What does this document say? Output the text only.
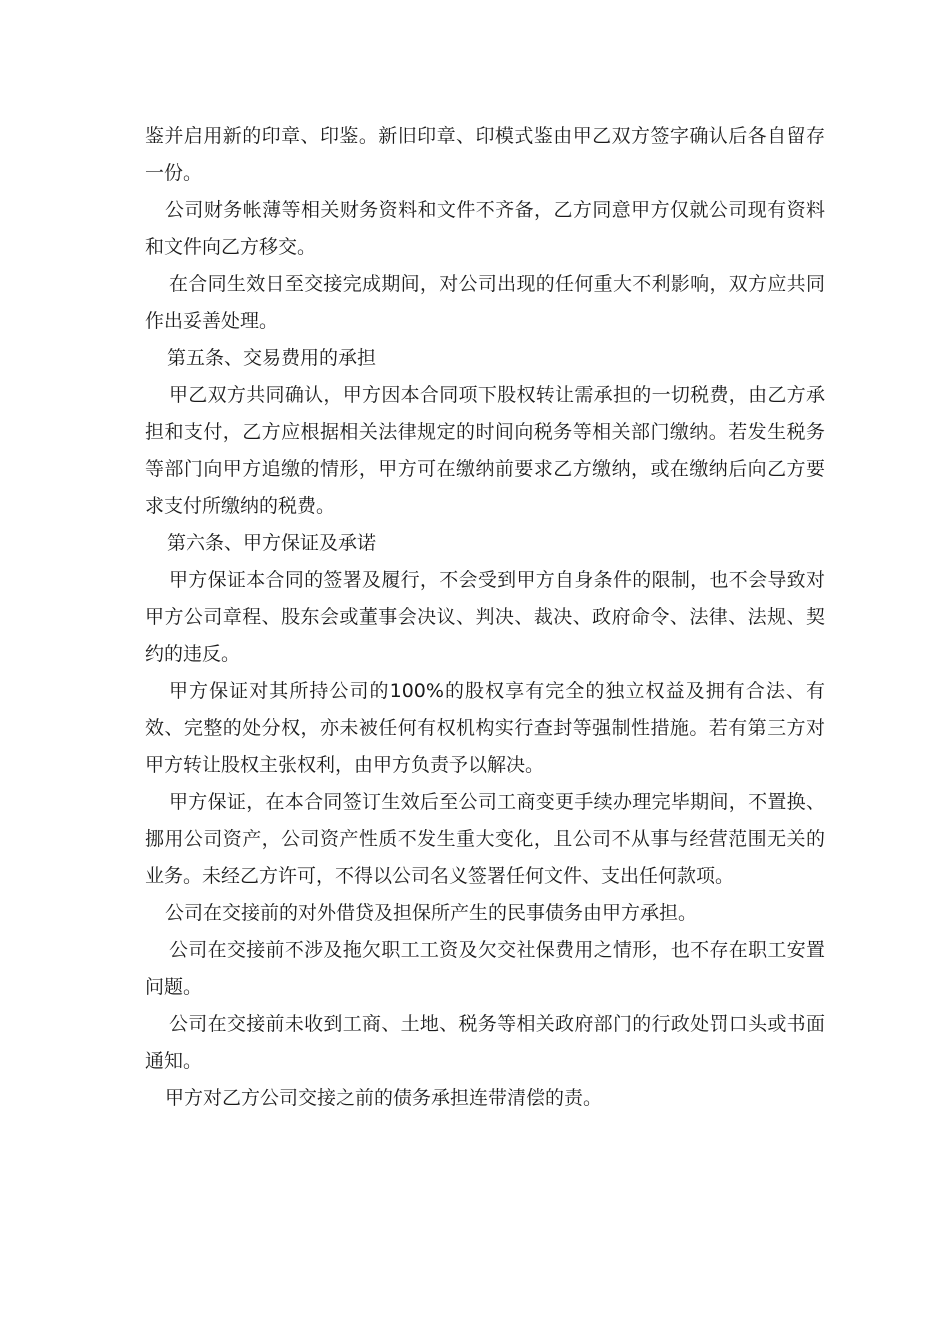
鉴并启用新的印章、印鉴。新旧印章、印模式鉴由甲乙双方签字确认后各自留存一份。

公司财务帐薄等相关财务资料和文件不齐备，乙方同意甲方仅就公司现有资料和文件向乙方移交。

在合同生效日至交接完成期间，对公司出现的任何重大不利影响，双方应共同作出妥善处理。

第五条、交易费用的承担

甲乙双方共同确认，甲方因本合同项下股权转让需承担的一切税费，由乙方承担和支付，乙方应根据相关法律规定的时间向税务等相关部门缴纳。若发生税务等部门向甲方追缴的情形，甲方可在缴纳前要求乙方缴纳，或在缴纳后向乙方要求支付所缴纳的税费。

第六条、甲方保证及承诺

甲方保证本合同的签署及履行，不会受到甲方自身条件的限制，也不会导致对甲方公司章程、股东会或董事会决议、判决、裁决、政府命令、法律、法规、契约的违反。

甲方保证对其所持公司的100%的股权享有完全的独立权益及拥有合法、有效、完整的处分权，亦未被任何有权机构实行查封等强制性措施。若有第三方对甲方转让股权主张权利，由甲方负责予以解决。

甲方保证，在本合同签订生效后至公司工商变更手续办理完毕期间，不置换、挪用公司资产，公司资产性质不发生重大变化，且公司不从事与经营范围无关的业务。未经乙方许可，不得以公司名义签署任何文件、支出任何款项。

公司在交接前的对外借贷及担保所产生的民事债务由甲方承担。

公司在交接前不涉及拖欠职工工资及欠交社保费用之情形，也不存在职工安置问题。

公司在交接前未收到工商、土地、税务等相关政府部门的行政处罚口头或书面通知。

甲方对乙方公司交接之前的债务承担连带清偿的责。
